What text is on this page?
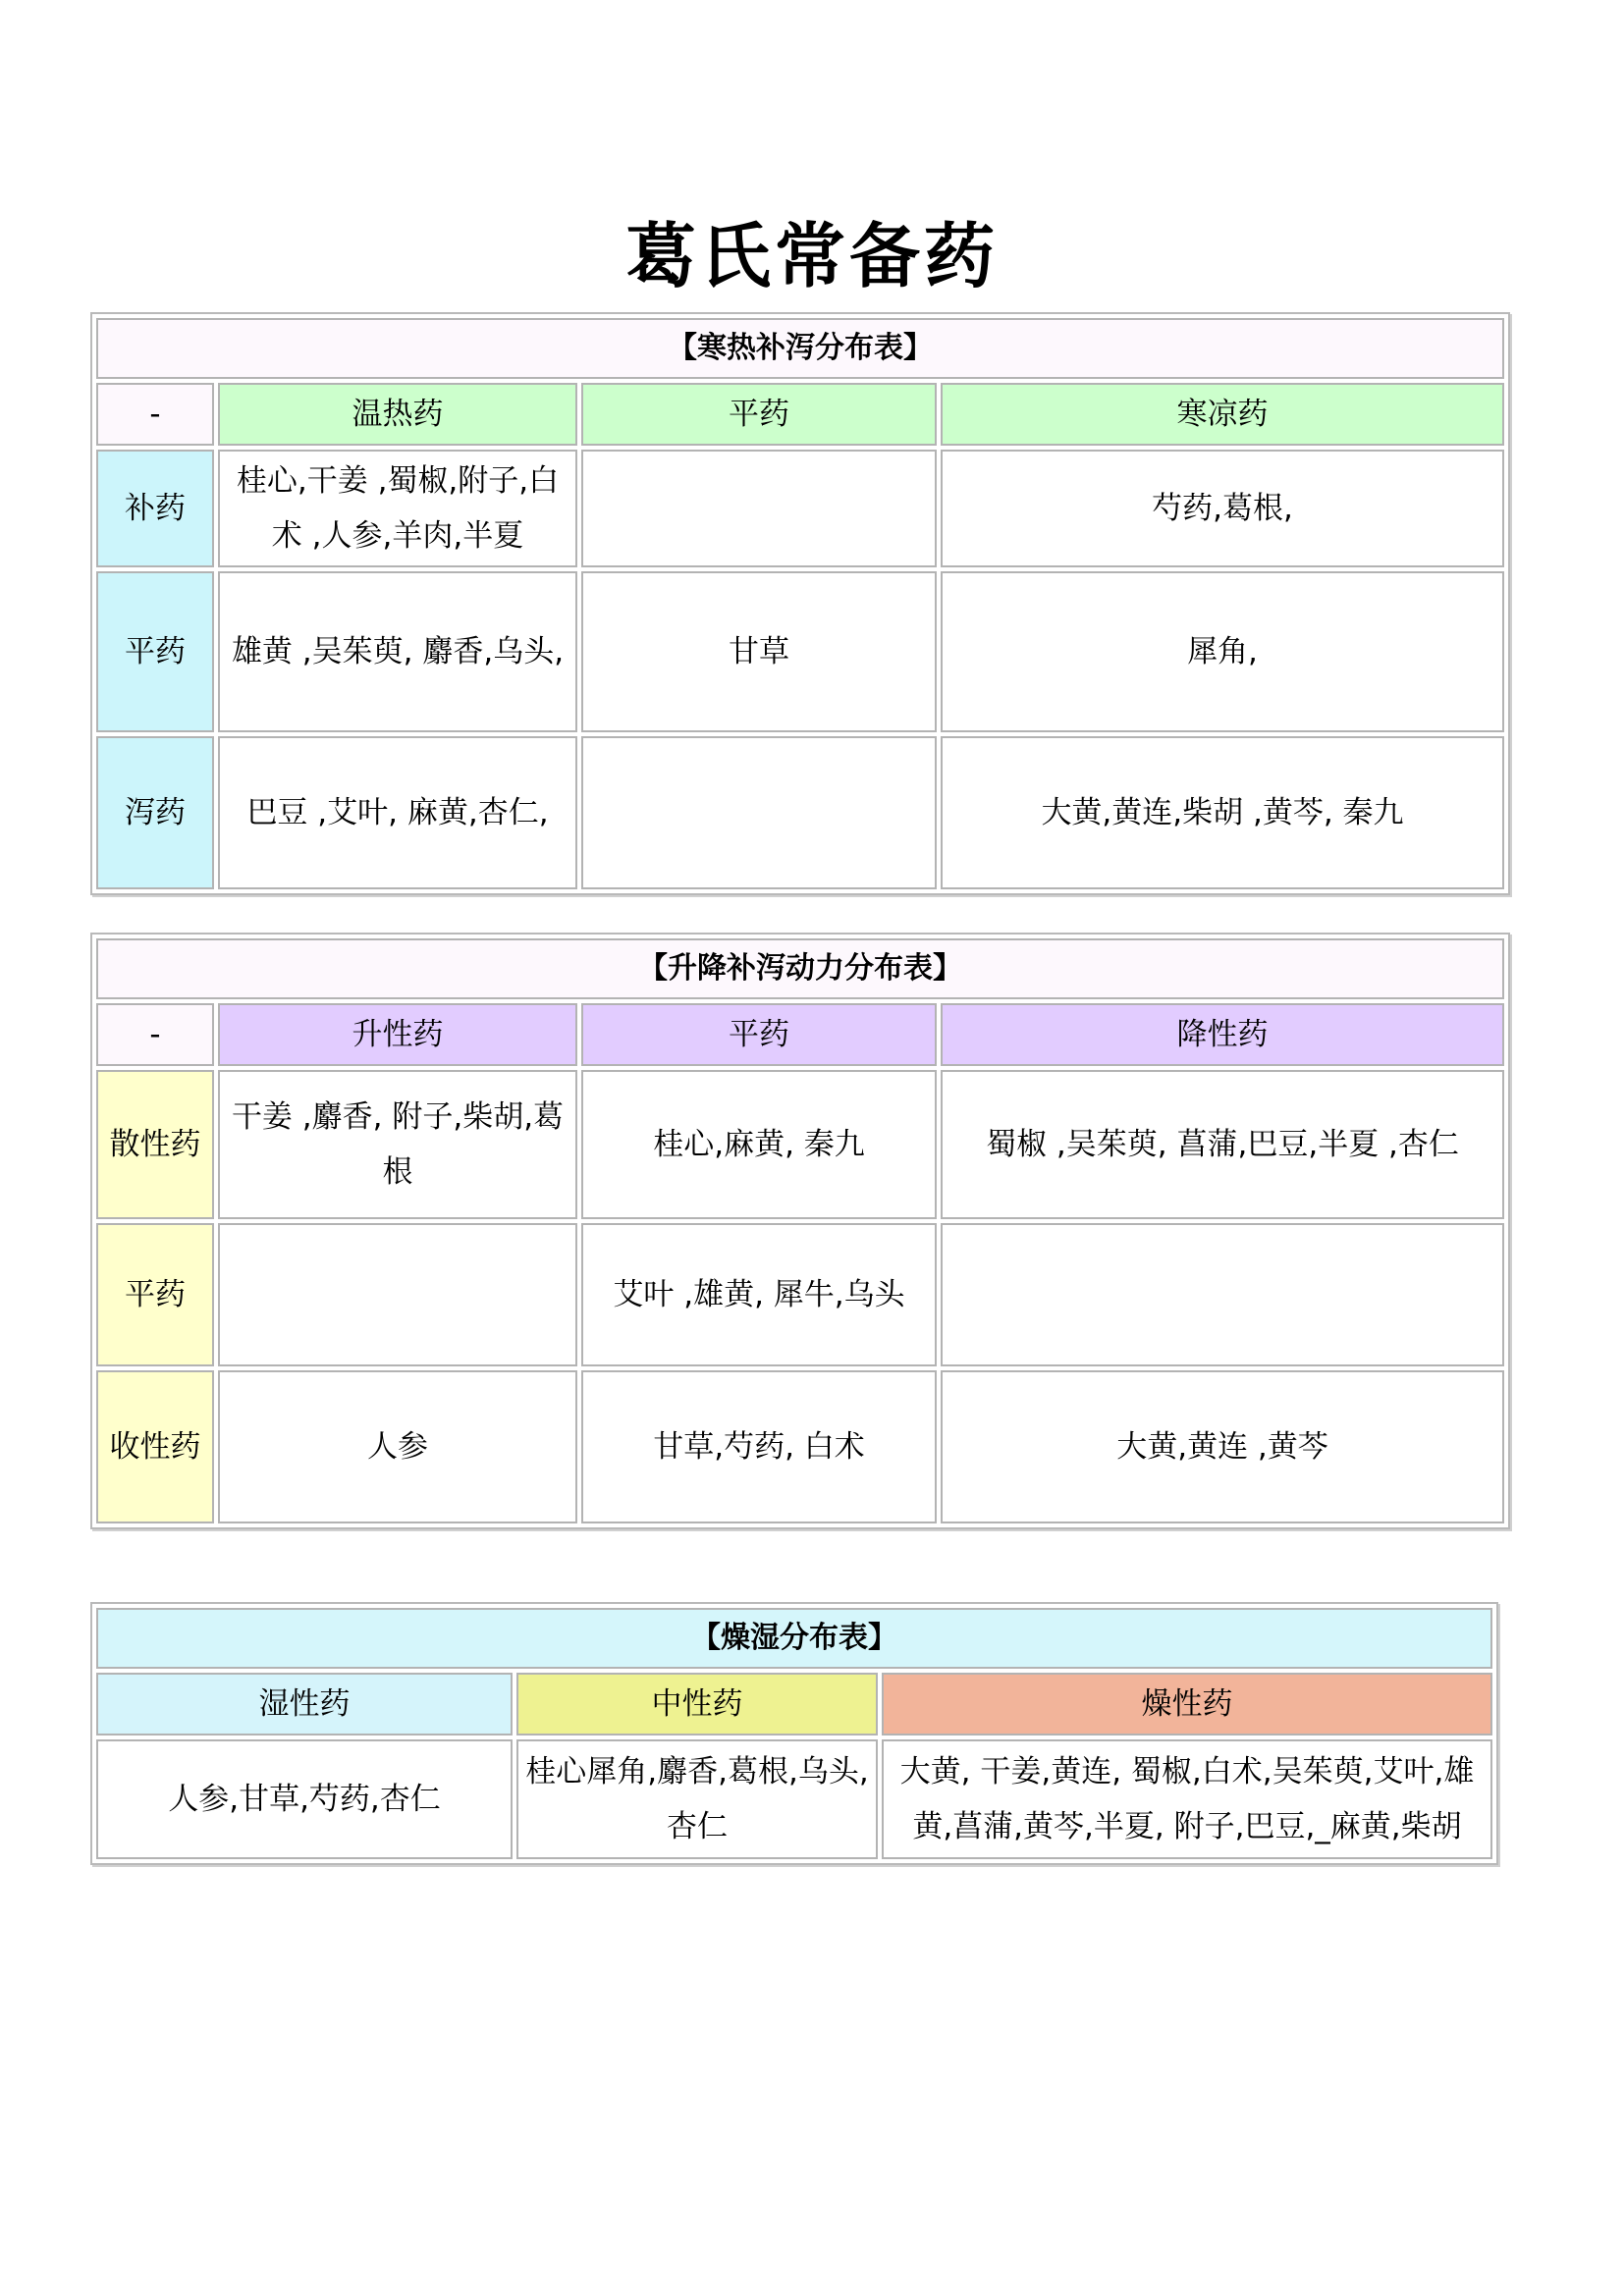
葛氏常备药
【寒热补泻分布表】			
-	温热药	平药	寒凉药
补药	桂心,干姜 ,蜀椒,附子,白术 ,人参,羊肉,半夏		芍药,葛根,
平药	雄黄 ,吴茱萸, 麝香,乌头,	甘草	犀角,
泻药	巴豆 ,艾叶, 麻黄,杏仁,		大黄,黄连,柴胡 ,黄芩, 秦九
【升降补泻动力分布表】			
-	升性药	平药	降性药
散性药	干姜 ,麝香, 附子,柴胡,葛根	桂心,麻黄, 秦九	蜀椒 ,吴茱萸, 菖蒲,巴豆,半夏 ,杏仁
平药		艾叶 ,雄黄, 犀牛,乌头	
收性药	人参	甘草,芍药, 白术	大黄,黄连 ,黄芩
【燥湿分布表】		
湿性药	中性药	燥性药
人参,甘草,芍药,杏仁	桂心犀角,麝香,葛根,乌头,杏仁	大黄, 干姜,黄连, 蜀椒,白术,吴茱萸,艾叶,雄黄,菖蒲,黄芩,半夏, 附子,巴豆,_麻黄,柴胡
